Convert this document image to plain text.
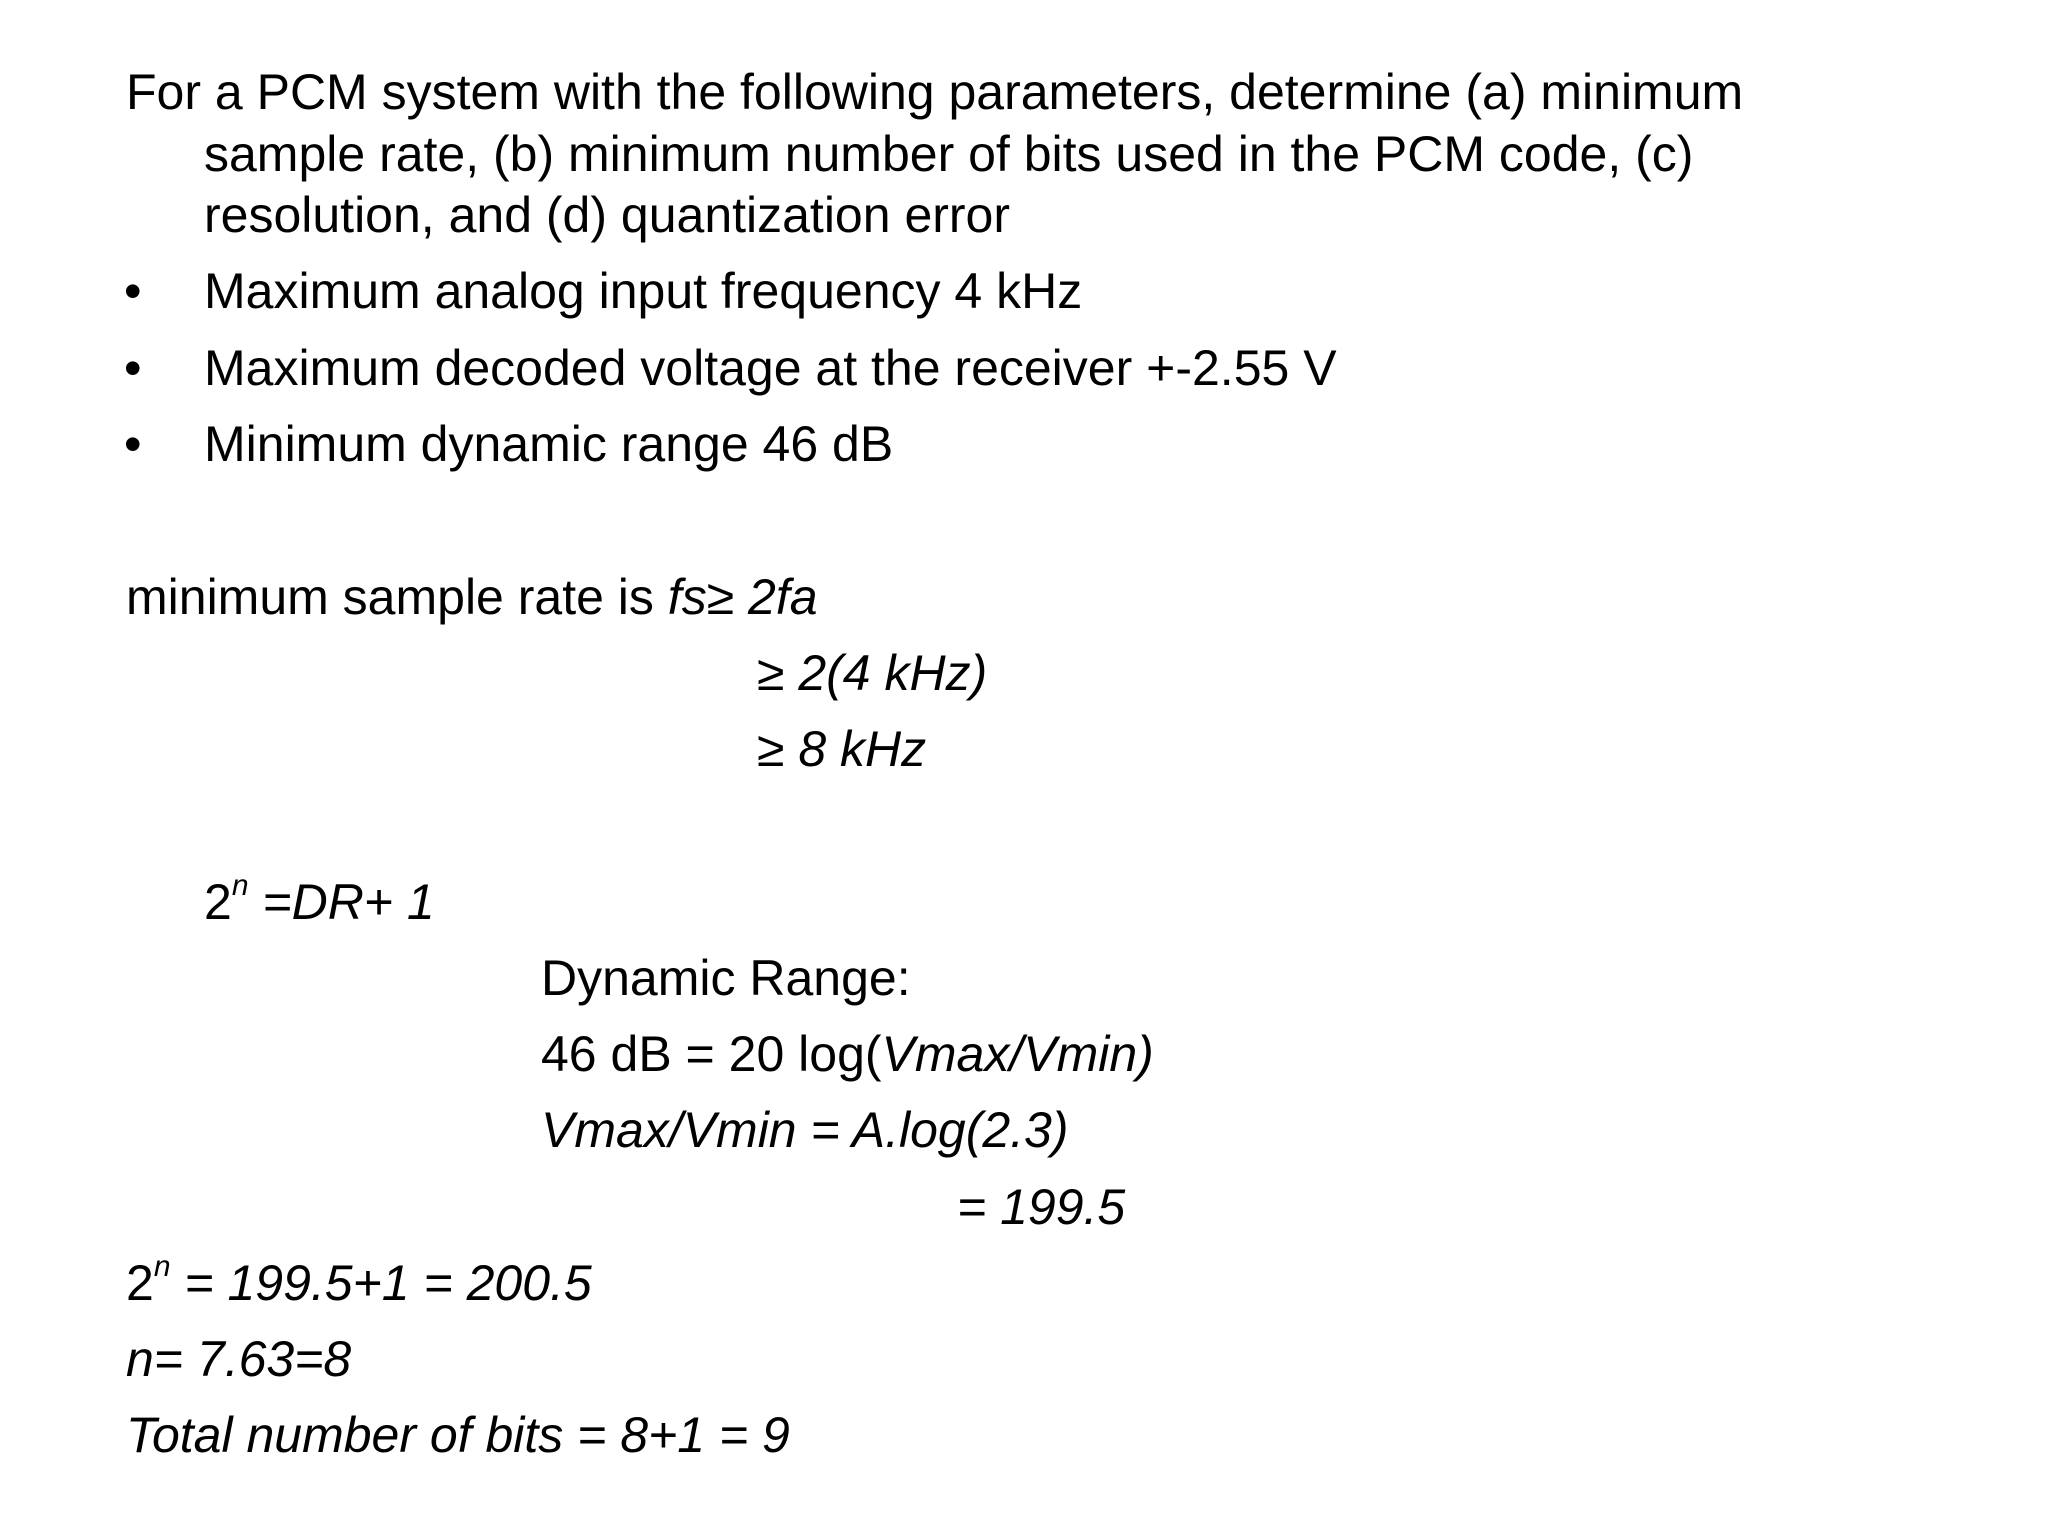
For a PCM system with the following parameters, determine (a) minimum
sample rate, (b) minimum number of bits used in the PCM code, (c)
resolution, and (d) quantization error
• Maximum analog input frequency 4 kHz
• Maximum decoded voltage at the receiver +-2.55 V
• Minimum dynamic range 46 dB
minimum sample rate is fs≥ 2fa
≥ 2(4 kHz)
≥ 8 kHz
$2^n =DR+ 1$
Dynamic Range:
46 dB = 20 log(Vmax/Vmin)
Vmax/Vmin = A.log(2.3)
= 199.5
$2^n = 199.5+1 = 200.5$
n= 7.63=8
Total number of bits = 8+1 = 9
